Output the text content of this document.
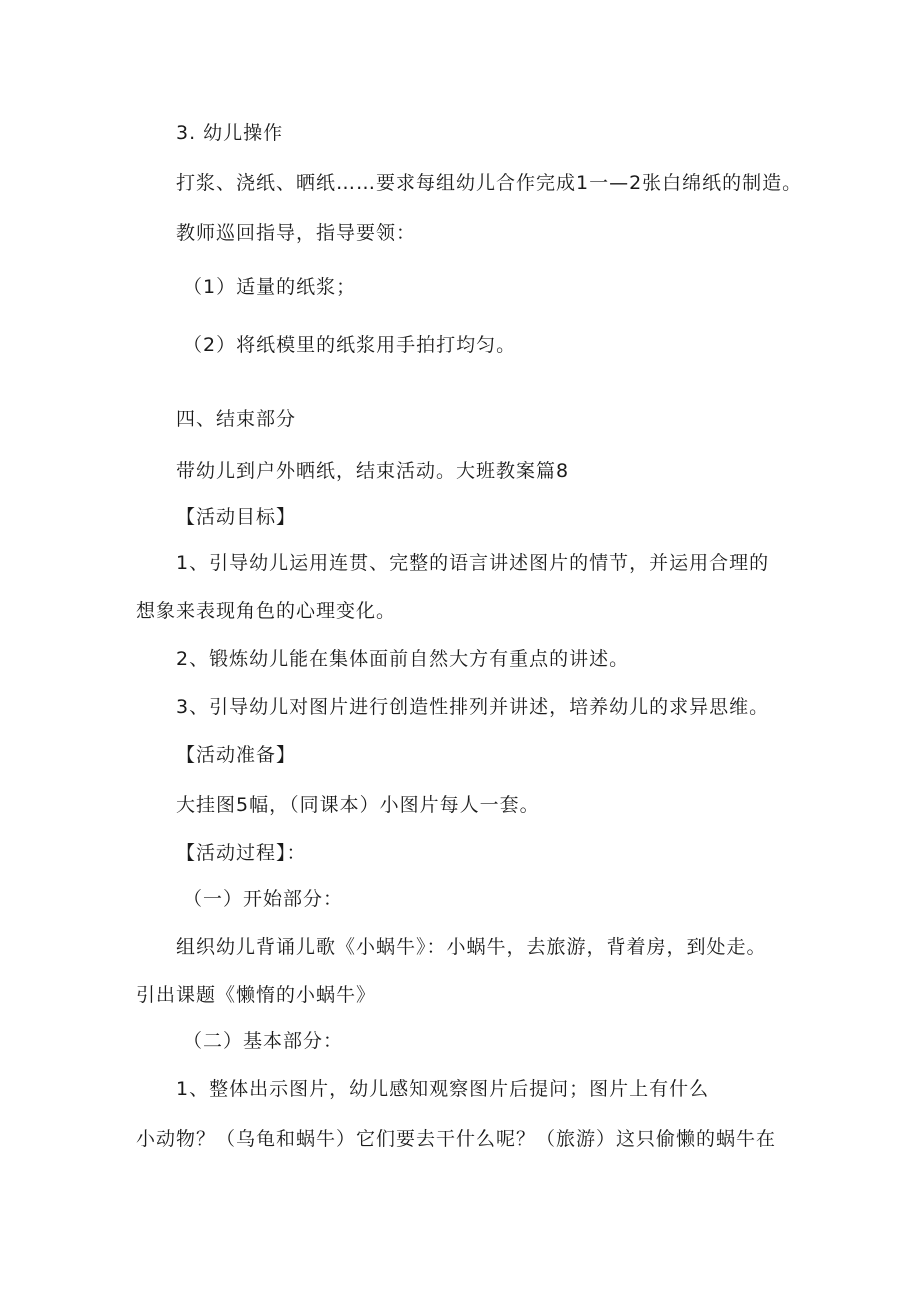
3. 幼儿操作
打浆、浇纸、晒纸……要求每组幼儿合作完成1一—2张白绵纸的制造。
教师巡回指导，指导要领：
（1）适量的纸浆；
（2）将纸模里的纸浆用手拍打均匀。
四、结束部分
带幼儿到户外晒纸，结束活动。大班教案篇8
【活动目标】
1、引导幼儿运用连贯、完整的语言讲述图片的情节，并运用合理的
想象来表现角色的心理变化。
2、锻炼幼儿能在集体面前自然大方有重点的讲述。
3、引导幼儿对图片进行创造性排列并讲述，培养幼儿的求异思维。
【活动准备】
大挂图5幅，（同课本）小图片每人一套。
【活动过程】：
（一）开始部分：
组织幼儿背诵儿歌《小蜗牛》：小蜗牛，去旅游，背着房，到处走。
引出课题《懒惰的小蜗牛》
（二）基本部分：
1、整体出示图片，幼儿感知观察图片后提问；图片上有什么
小动物？（乌龟和蜗牛）它们要去干什么呢？（旅游）这只偷懒的蜗牛在
